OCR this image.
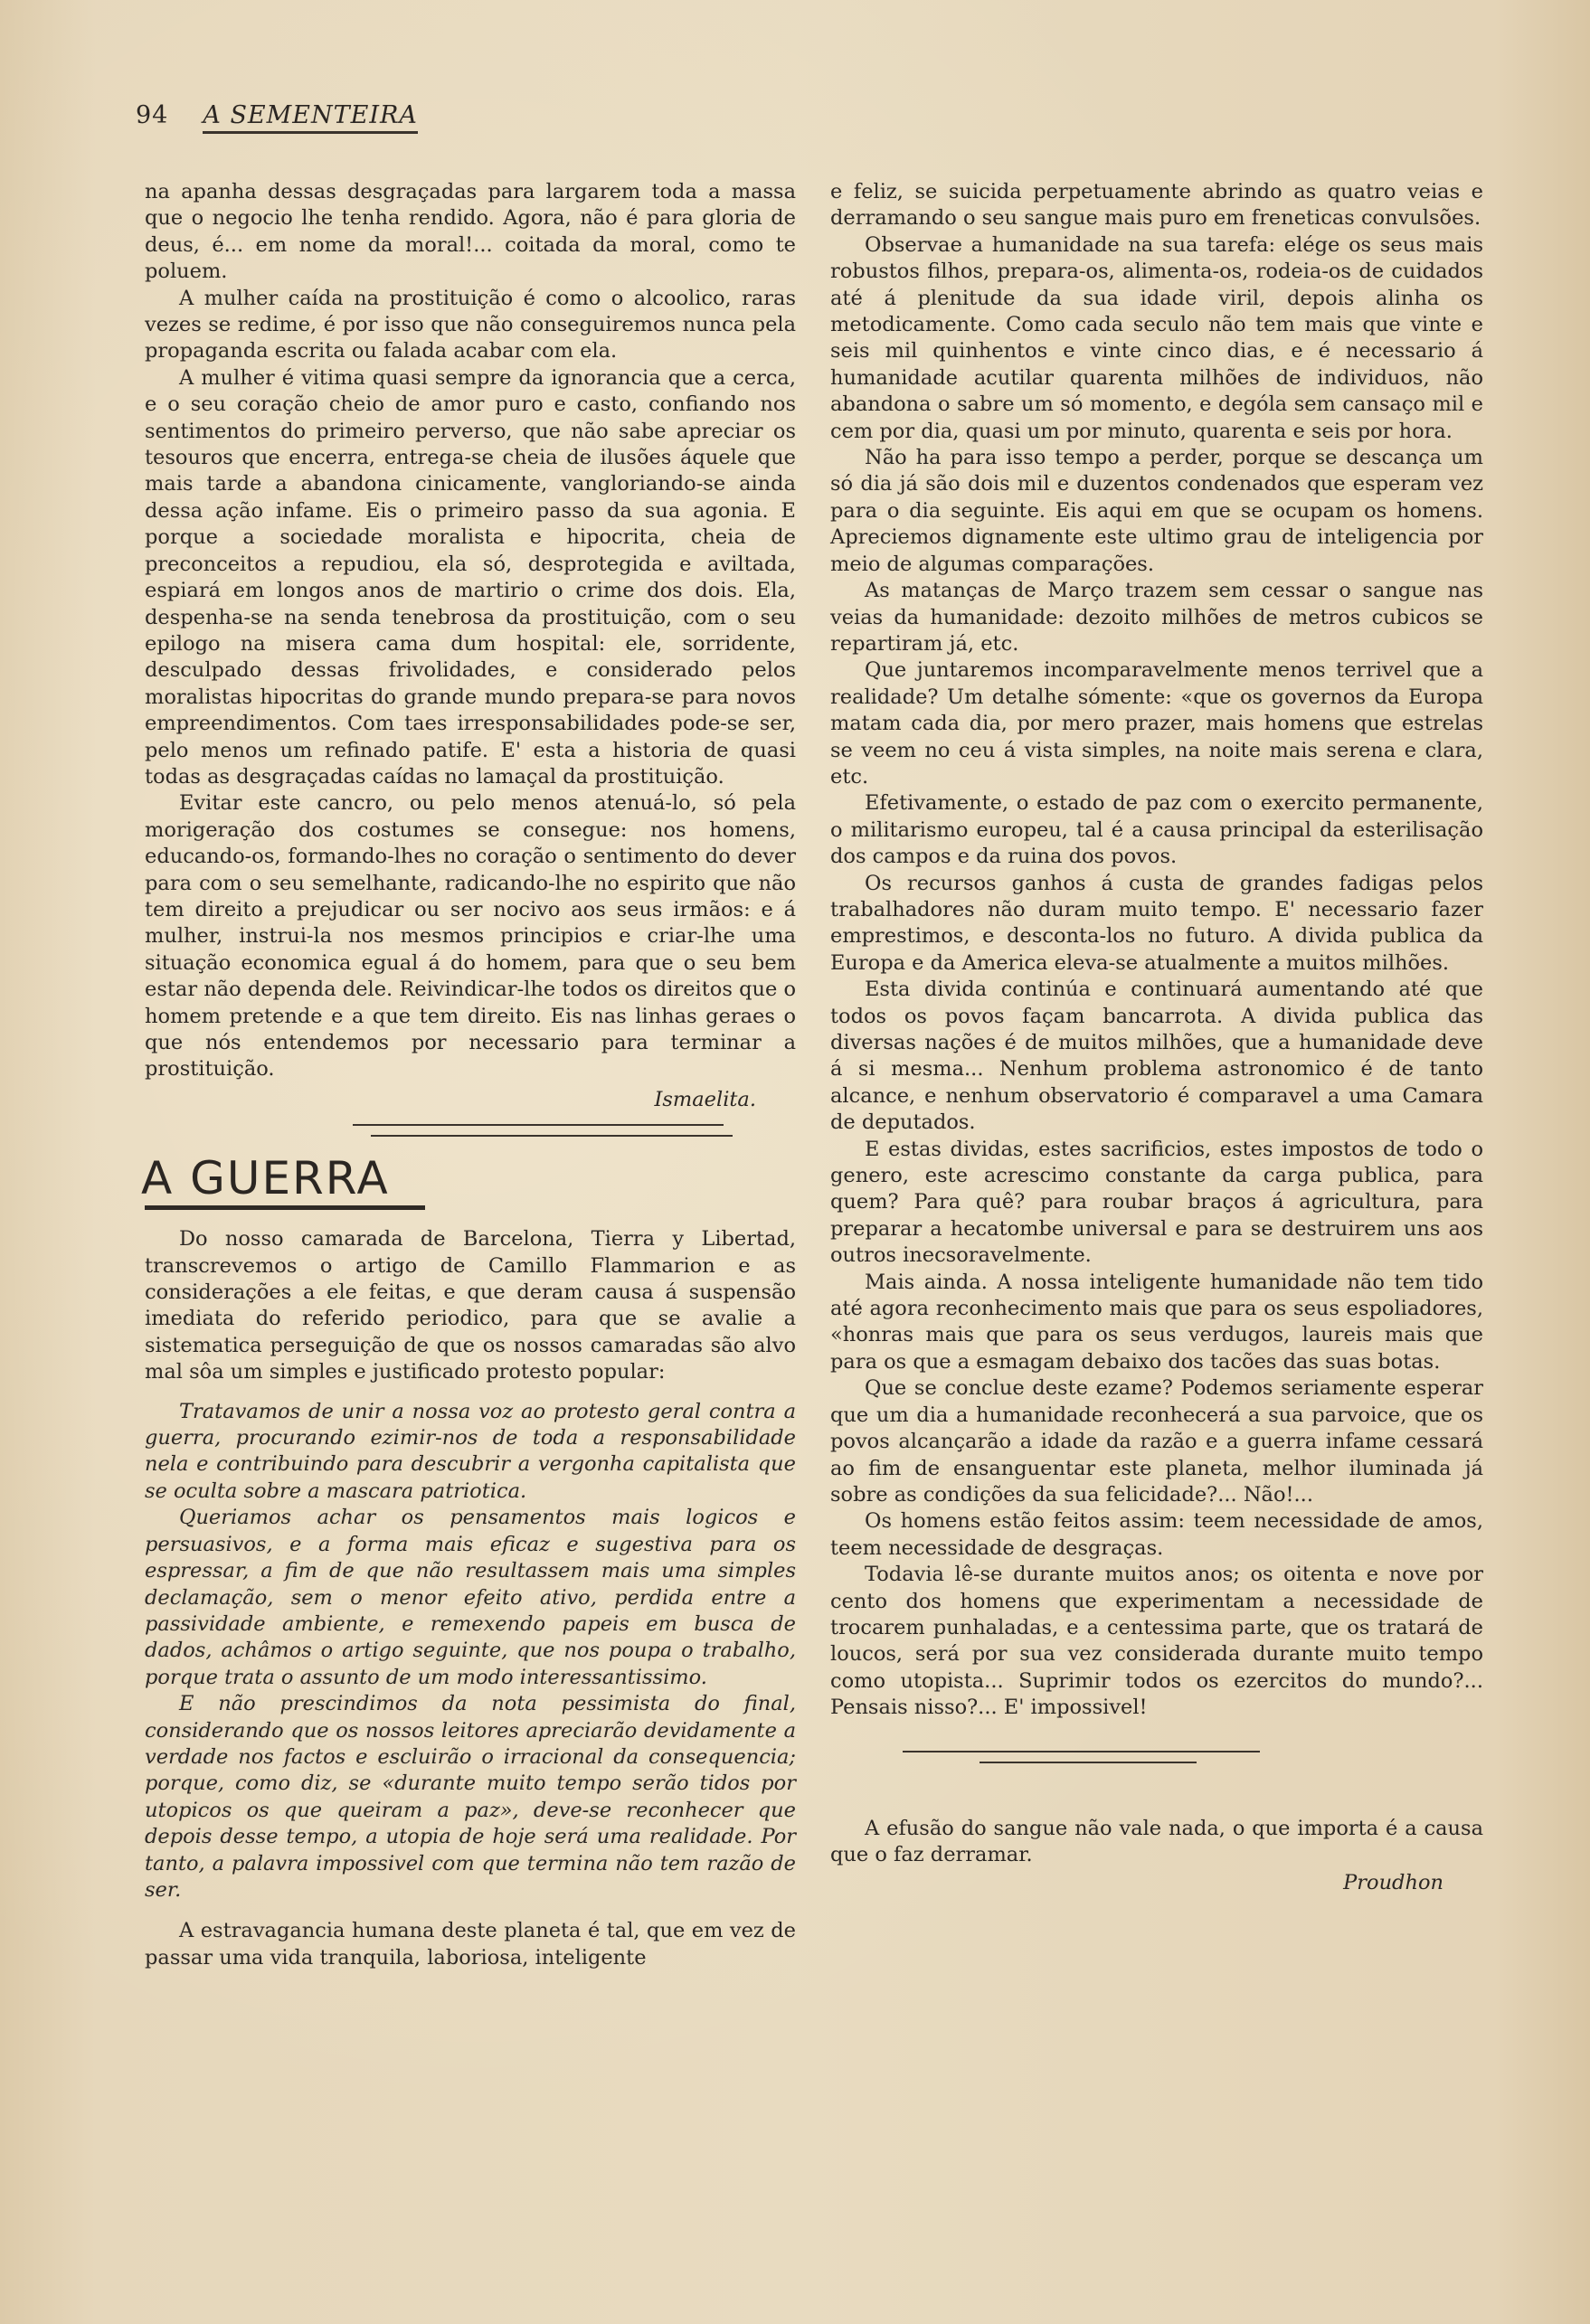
94 A SEMENTEIRA

na apanha dessas desgraçadas para largarem toda a massa que o negocio lhe tenha rendido. Agora, não é para gloria de deus, é... em nome da moral!... coitada da moral, como te poluem.

A mulher caída na prostituição é como o alcoolico, raras vezes se redime, é por isso que não conseguiremos nunca pela propaganda escrita ou falada acabar com ela.

A mulher é vitima quasi sempre da ignorancia que a cerca, e o seu coração cheio de amor puro e casto, confiando nos sentimentos do primeiro perverso, que não sabe apreciar os tesouros que encerra, entrega-se cheia de ilusões áquele que mais tarde a abandona cinicamente, vangloriando-se ainda dessa ação infame. Eis o primeiro passo da sua agonia. E porque a sociedade moralista e hipocrita, cheia de preconceitos a repudiou, ela só, desprotegida e aviltada, espiará em longos anos de martirio o crime dos dois. Ela, despenha-se na senda tenebrosa da prostituição, com o seu epilogo na misera cama dum hospital: ele, sorridente, desculpado dessas frivolidades, e considerado pelos moralistas hipocritas do grande mundo prepara-se para novos empreendimentos. Com taes irresponsabilidades pode-se ser, pelo menos um refinado patife. E' esta a historia de quasi todas as desgraçadas caídas no lamaçal da prostituição.

Evitar este cancro, ou pelo menos atenuá-lo, só pela morigeração dos costumes se consegue: nos homens, educando-os, formando-lhes no coração o sentimento do dever para com o seu semelhante, radicando-lhe no espirito que não tem direito a prejudicar ou ser nocivo aos seus irmãos: e á mulher, instrui-la nos mesmos principios e criar-lhe uma situação economica egual á do homem, para que o seu bem estar não dependa dele. Reivindicar-lhe todos os direitos que o homem pretende e a que tem direito. Eis nas linhas geraes o que nós entendemos por necessario para terminar a prostituição.

Ismaelita.
A GUERRA

Do nosso camarada de Barcelona, Tierra y Libertad, transcrevemos o artigo de Camillo Flammarion e as considerações a ele feitas, e que deram causa á suspensão imediata do referido periodico, para que se avalie a sistematica perseguição de que os nossos camaradas são alvo mal sôa um simples e justificado protesto popular:

Tratavamos de unir a nossa voz ao protesto geral contra a guerra, procurando ezimir-nos de toda a responsabilidade nela e contribuindo para descubrir a vergonha capitalista que se oculta sobre a mascara patriotica.

Queriamos achar os pensamentos mais logicos e persuasivos, e a forma mais eficaz e sugestiva para os espressar, a fim de que não resultassem mais uma simples declamação, sem o menor efeito ativo, perdida entre a passividade ambiente, e remexendo papeis em busca de dados, achâmos o artigo seguinte, que nos poupa o trabalho, porque trata o assunto de um modo interessantissimo.

E não prescindimos da nota pessimista do final, considerando que os nossos leitores apreciarão devidamente a verdade nos factos e escluirão o irracional da consequencia; porque, como diz, se «durante muito tempo serão tidos por utopicos os que queiram a paz», deve-se reconhecer que depois desse tempo, a utopia de hoje será uma realidade. Por tanto, a palavra impossivel com que termina não tem razão de ser.

A estravagancia humana deste planeta é tal, que em vez de passar uma vida tranquila, laboriosa, inteligente

e feliz, se suicida perpetuamente abrindo as quatro veias e derramando o seu sangue mais puro em freneticas convulsões.

Observae a humanidade na sua tarefa: elége os seus mais robustos filhos, prepara-os, alimenta-os, rodeia-os de cuidados até á plenitude da sua idade viril, depois alinha os metodicamente. Como cada seculo não tem mais que vinte e seis mil quinhentos e vinte cinco dias, e é necessario á humanidade acutilar quarenta milhões de individuos, não abandona o sabre um só momento, e dególa sem cansaço mil e cem por dia, quasi um por minuto, quarenta e seis por hora.

Não ha para isso tempo a perder, porque se descança um só dia já são dois mil e duzentos condenados que esperam vez para o dia seguinte. Eis aqui em que se ocupam os homens. Apreciemos dignamente este ultimo grau de inteligencia por meio de algumas comparações.

As matanças de Março trazem sem cessar o sangue nas veias da humanidade: dezoito milhões de metros cubicos se repartiram já, etc.

Que juntaremos incomparavelmente menos terrivel que a realidade? Um detalhe sómente: «que os governos da Europa matam cada dia, por mero prazer, mais homens que estrelas se veem no ceu á vista simples, na noite mais serena e clara, etc.

Efetivamente, o estado de paz com o exercito permanente, o militarismo europeu, tal é a causa principal da esterilisação dos campos e da ruina dos povos.

Os recursos ganhos á custa de grandes fadigas pelos trabalhadores não duram muito tempo. E' necessario fazer emprestimos, e desconta-los no futuro. A divida publica da Europa e da America eleva-se atualmente a muitos milhões.

Esta divida continúa e continuará aumentando até que todos os povos façam bancarrota. A divida publica das diversas nações é de muitos milhões, que a humanidade deve á si mesma... Nenhum problema astronomico é de tanto alcance, e nenhum observatorio é comparavel a uma Camara de deputados.

E estas dividas, estes sacrificios, estes impostos de todo o genero, este acrescimo constante da carga publica, para quem? Para quê? para roubar braços á agricultura, para preparar a hecatombe universal e para se destruirem uns aos outros inecsoravelmente.

Mais ainda. A nossa inteligente humanidade não tem tido até agora reconhecimento mais que para os seus espoliadores, «honras mais que para os seus verdugos, laureis mais que para os que a esmagam debaixo dos tacões das suas botas.

Que se conclue deste ezame? Podemos seriamente esperar que um dia a humanidade reconhecerá a sua parvoice, que os povos alcançarão a idade da razão e a guerra infame cessará ao fim de ensanguentar este planeta, melhor iluminada já sobre as condições da sua felicidade?... Não!...

Os homens estão feitos assim: teem necessidade de amos, teem necessidade de desgraças.

Todavia lê-se durante muitos anos; os oitenta e nove por cento dos homens que experimentam a necessidade de trocarem punhaladas, e a centessima parte, que os tratará de loucos, será por sua vez considerada durante muito tempo como utopista... Suprimir todos os ezercitos do mundo?... Pensais nisso?... E' impossivel!

A efusão do sangue não vale nada, o que importa é a causa que o faz derramar.

Proudhon
